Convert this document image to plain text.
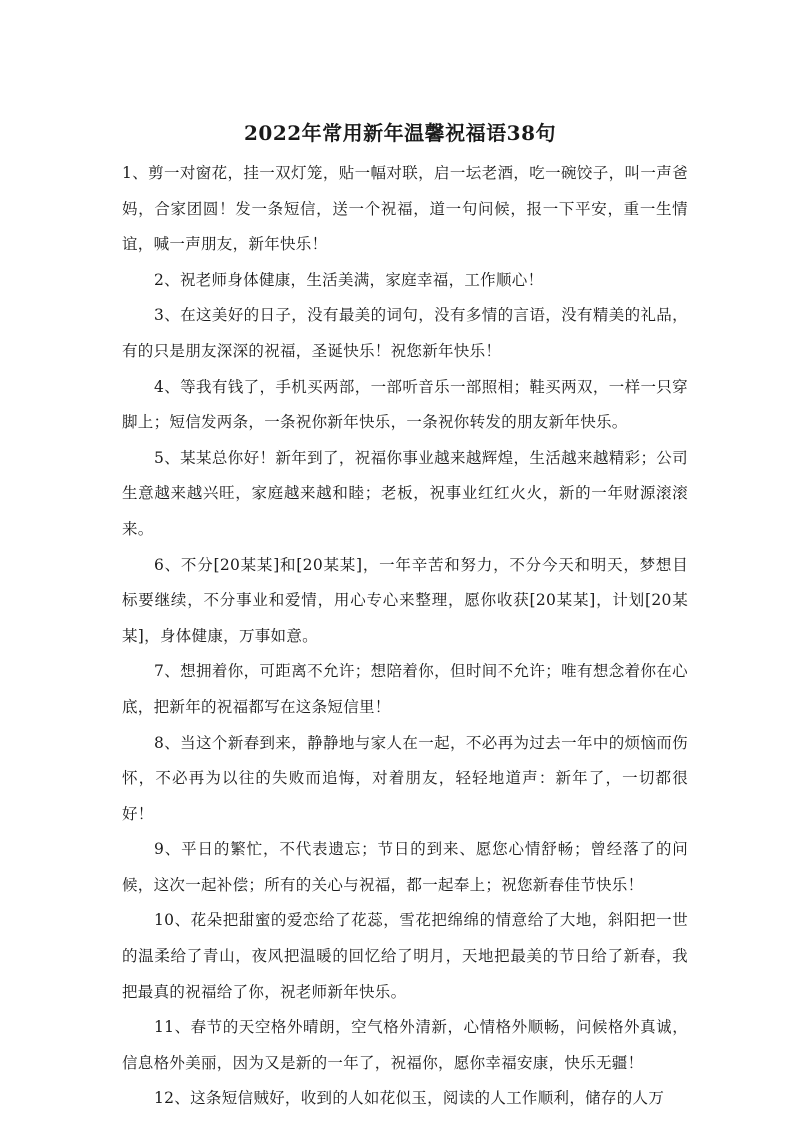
2022年常用新年温馨祝福语38句

1、剪一对窗花，挂一双灯笼，贴一幅对联，启一坛老酒，吃一碗饺子，叫一声爸妈，合家团圆！发一条短信，送一个祝福，道一句问候，报一下平安，重一生情谊，喊一声朋友，新年快乐！

2、祝老师身体健康，生活美满，家庭幸福，工作顺心！

3、在这美好的日子，没有最美的词句，没有多情的言语，没有精美的礼品，有的只是朋友深深的祝福，圣诞快乐！祝您新年快乐！

4、等我有钱了，手机买两部，一部听音乐一部照相；鞋买两双，一样一只穿脚上；短信发两条，一条祝你新年快乐，一条祝你转发的朋友新年快乐。

5、某某总你好！新年到了，祝福你事业越来越辉煌，生活越来越精彩；公司生意越来越兴旺，家庭越来越和睦；老板，祝事业红红火火，新的一年财源滚滚来。

6、不分[20某某]和[20某某]，一年辛苦和努力，不分今天和明天，梦想目标要继续，不分事业和爱情，用心专心来整理，愿你收获[20某某]，计划[20某某]，身体健康，万事如意。

7、想拥着你，可距离不允许；想陪着你，但时间不允许；唯有想念着你在心底，把新年的祝福都写在这条短信里！

8、当这个新春到来，静静地与家人在一起，不必再为过去一年中的烦恼而伤怀，不必再为以往的失败而追悔，对着朋友，轻轻地道声：新年了，一切都很好！

9、平日的繁忙，不代表遗忘；节日的到来、愿您心情舒畅；曾经落了的问候，这次一起补偿；所有的关心与祝福，都一起奉上；祝您新春佳节快乐！

10、花朵把甜蜜的爱恋给了花蕊，雪花把绵绵的情意给了大地，斜阳把一世的温柔给了青山，夜风把温暖的回忆给了明月，天地把最美的节日给了新春，我把最真的祝福给了你，祝老师新年快乐。

11、春节的天空格外晴朗，空气格外清新，心情格外顺畅，问候格外真诚，信息格外美丽，因为又是新的一年了，祝福你，愿你幸福安康，快乐无疆！

12、这条短信贼好，收到的人如花似玉，阅读的人工作顺利，储存的人万
